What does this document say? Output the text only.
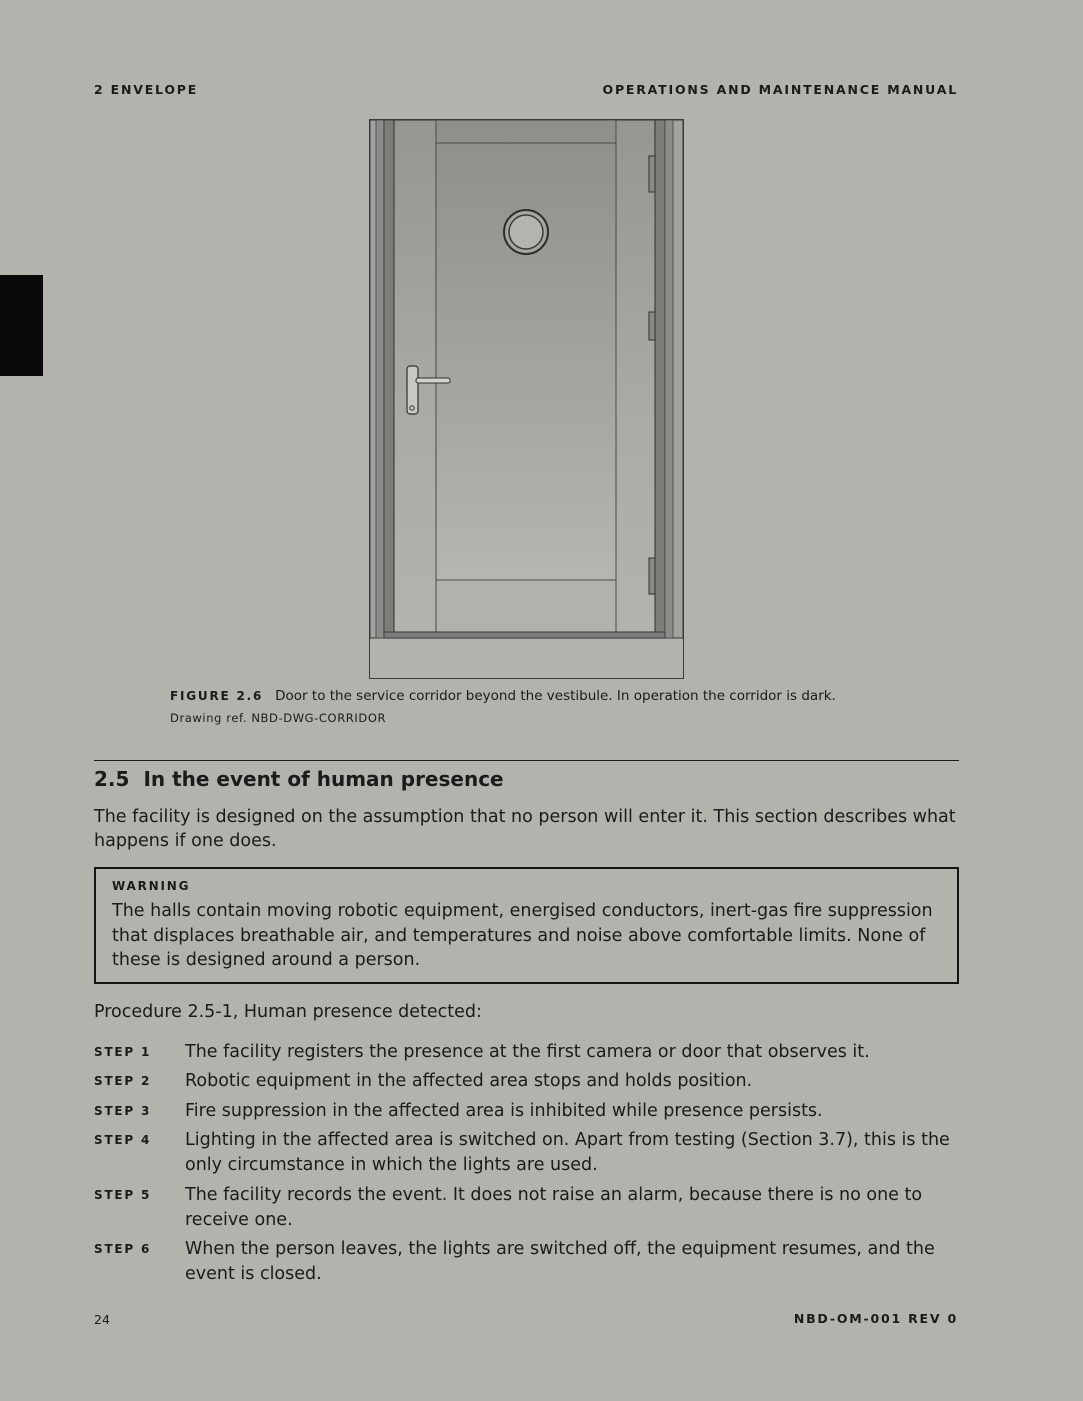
2 ENVELOPE	OPERATIONS AND MAINTENANCE MANUAL
FIGURE 2.6 Door to the service corridor beyond the vestibule. In operation the corridor is dark.
Drawing ref. NBD-DWG-CORRIDOR
2.5 In the event of human presence

The facility is designed on the assumption that no person will enter it. This section describes what happens if one does.

WARNING

The halls contain moving robotic equipment, energised conductors, inert-gas fire suppression that displaces breathable air, and temperatures and noise above comfortable limits. None of these is designed around a person.

Procedure 2.5-1, Human presence detected:

STEP 1 The facility registers the presence at the first camera or door that observes it.

STEP 2 Robotic equipment in the affected area stops and holds position.

STEP 3 Fire suppression in the affected area is inhibited while presence persists.

STEP 4 Lighting in the affected area is switched on. Apart from testing (Section 3.7), this is the only circumstance in which the lights are used.

STEP 5 The facility records the event. It does not raise an alarm, because there is no one to receive one.

STEP 6 When the person leaves, the lights are switched off, the equipment resumes, and the event is closed.

24	NBD-OM-001 REV 0
